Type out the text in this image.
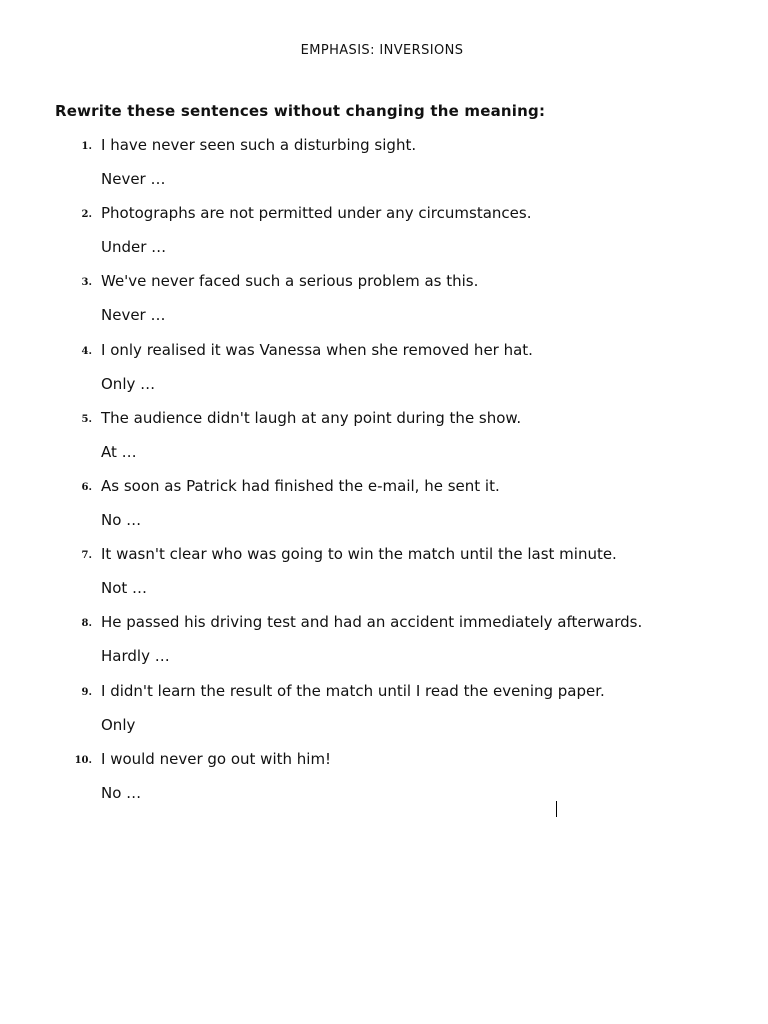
EMPHASIS: INVERSIONS
Rewrite these sentences without changing the meaning:
1. I have never seen such a disturbing sight.
Never …
2. Photographs are not permitted under any circumstances.
Under …
3. We've never faced such a serious problem as this.
Never …
4. I only realised it was Vanessa when she removed her hat.
Only …
5. The audience didn't laugh at any point during the show.
At …
6. As soon as Patrick had finished the e-mail, he sent it.
No …
7. It wasn't clear who was going to win the match until the last minute.
Not …
8. He passed his driving test and had an accident immediately afterwards.
Hardly …
9. I didn't learn the result of the match until I read the evening paper.
Only
10. I would never go out with him!
No …
